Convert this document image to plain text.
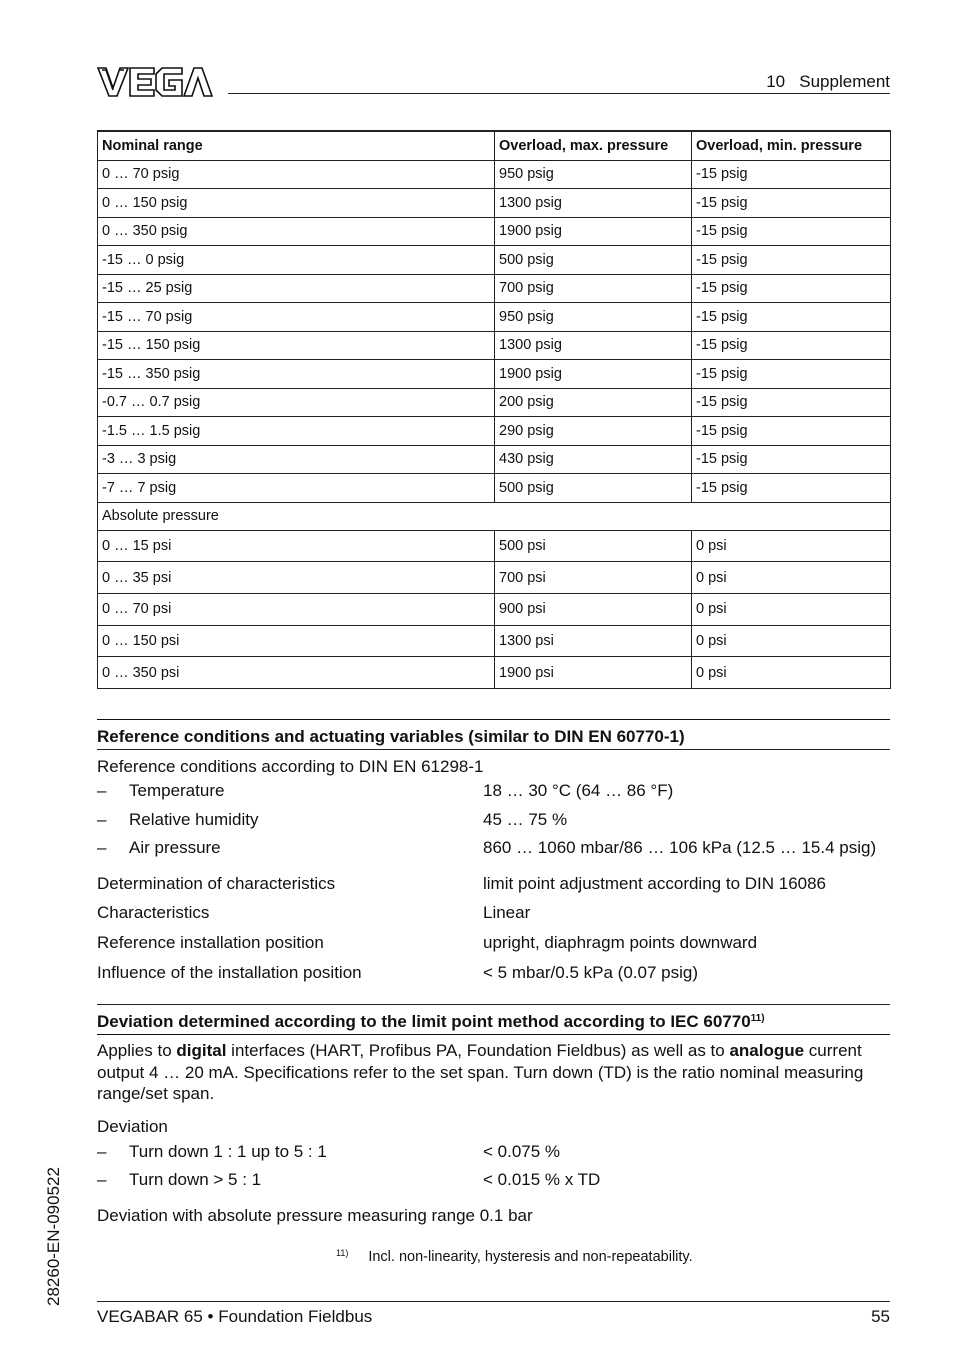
10   Supplement
Nominal range	Overload, max. pressure	Overload, min. pressure
0 … 70 psig	950 psig	-15 psig
0 … 150 psig	1300 psig	-15 psig
0 … 350 psig	1900 psig	-15 psig
-15 … 0 psig	500 psig	-15 psig
-15 … 25 psig	700 psig	-15 psig
-15 … 70 psig	950 psig	-15 psig
-15 … 150 psig	1300 psig	-15 psig
-15 … 350 psig	1900 psig	-15 psig
-0.7 … 0.7 psig	200 psig	-15 psig
-1.5 … 1.5 psig	290 psig	-15 psig
-3 … 3 psig	430 psig	-15 psig
-7 … 7 psig	500 psig	-15 psig
Absolute pressure		
0 … 15 psi	500 psi	0 psi
0 … 35 psi	700 psi	0 psi
0 … 70 psi	900 psi	0 psi
0 … 150 psi	1300 psi	0 psi
0 … 350 psi	1900 psi	0 psi
Reference conditions and actuating variables (similar to DIN EN 60770-1)
Reference conditions according to DIN EN 61298-1
– Temperature	18 … 30 °C (64 … 86 °F)
– Relative humidity	45 … 75 %
– Air pressure	860 … 1060 mbar/86 … 106 kPa (12.5 … 15.4 psig)
Determination of characteristics	limit point adjustment according to DIN 16086
Characteristics	Linear
Reference installation position	upright, diaphragm points downward
Influence of the installation position	< 5 mbar/0.5 kPa (0.07 psig)
Deviation determined according to the limit point method according to IEC 60770$^{11)}$
Applies to digital interfaces (HART, Profibus PA, Foundation Fieldbus) as well as to analogue current output 4 … 20 mA. Specifications refer to the set span. Turn down (TD) is the ratio nominal measuring range/set span.
Deviation
– Turn down 1 : 1 up to 5 : 1	< 0.075 %
– Turn down > 5 : 1	< 0.015 % x TD
Deviation with absolute pressure measuring range 0.1 bar
$^{11)}$ Incl. non-linearity, hysteresis and non-repeatability.
VEGABAR 65 • Foundation Fieldbus	55
28260-EN-090522
